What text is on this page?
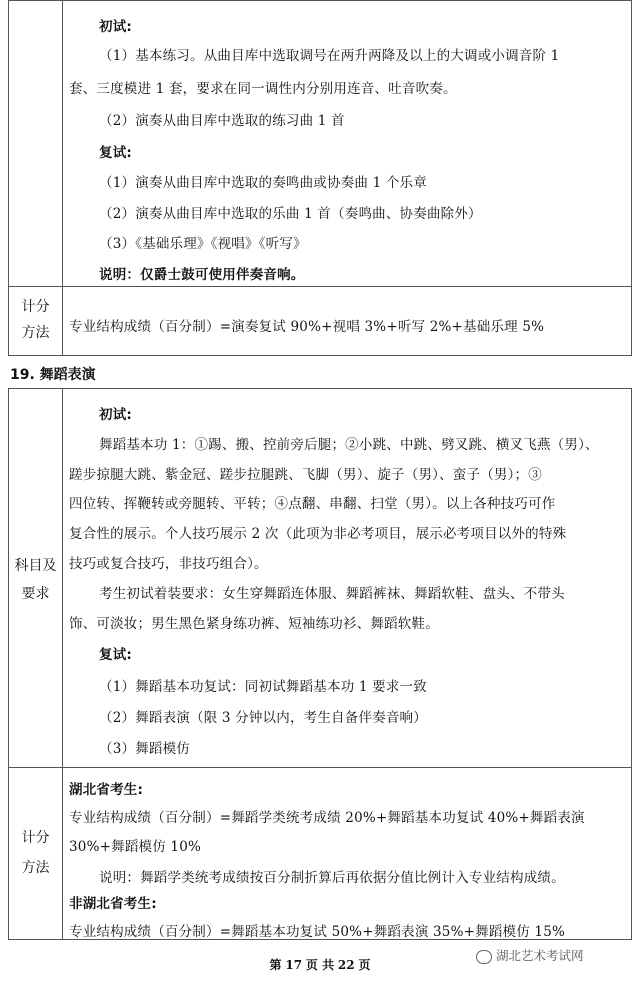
初试:
（1）基本练习。从曲目库中选取调号在两升两降及以上的大调或小调音阶 1
套、三度模进 1 套，要求在同一调性内分别用连音、吐音吹奏。
（2）演奏从曲目库中选取的练习曲 1 首
复试:
（1）演奏从曲目库中选取的奏鸣曲或协奏曲 1 个乐章
（2）演奏从曲目库中选取的乐曲 1 首（奏鸣曲、协奏曲除外）
（3）《基础乐理》《视唱》《听写》
说明：仅爵士鼓可使用伴奏音响。
计分
方法	专业结构成绩（百分制）=演奏复试 90%+视唱 3%+听写 2%+基础乐理 5%
19. 舞蹈表演
科目及
要求
初试:
舞蹈基本功 1：①踢、搬、控前旁后腿；②小跳、中跳、劈叉跳、横叉飞燕（男）、
蹉步掠腿大跳、紫金冠、蹉步拉腿跳、飞脚（男）、旋子（男）、蛮子（男）；③
四位转、挥鞭转或旁腿转、平转；④点翻、串翻、扫堂（男）。以上各种技巧可作
复合性的展示。个人技巧展示 2 次（此项为非必考项目，展示必考项目以外的特殊
技巧或复合技巧，非技巧组合）。
考生初试着装要求：女生穿舞蹈连体服、舞蹈裤袜、舞蹈软鞋、盘头、不带头
饰、可淡妆；男生黑色紧身练功裤、短袖练功衫、舞蹈软鞋。
复试:
（1）舞蹈基本功复试：同初试舞蹈基本功 1 要求一致
（2）舞蹈表演（限 3 分钟以内，考生自备伴奏音响）
（3）舞蹈模仿
计分
方法
湖北省考生:
专业结构成绩（百分制）=舞蹈学类统考成绩 20%+舞蹈基本功复试 40%+舞蹈表演
30%+舞蹈模仿 10%
说明：舞蹈学类统考成绩按百分制折算后再依据分值比例计入专业结构成绩。
非湖北省考生:
专业结构成绩（百分制）=舞蹈基本功复试 50%+舞蹈表演 35%+舞蹈模仿 15%
湖北艺术考试网
第 17 页 共 22 页
